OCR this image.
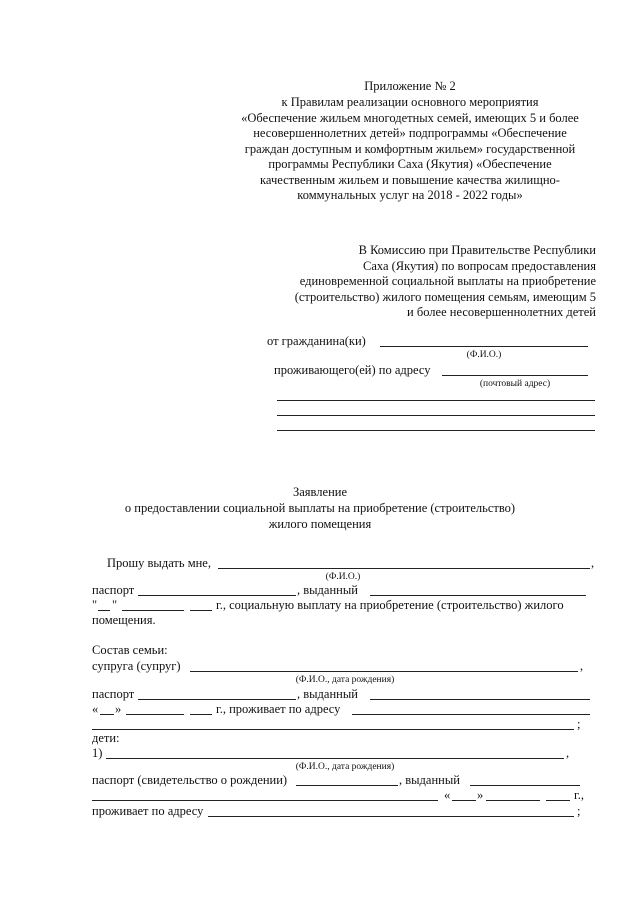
Приложение № 2
к Правилам реализации основного мероприятия
«Обеспечение жильем многодетных семей, имеющих 5 и более
несовершеннолетних детей» подпрограммы «Обеспечение
граждан доступным и комфортным жильем» государственной
программы Республики Саха (Якутия) «Обеспечение
качественным жильем и повышение качества жилищно-
коммунальных услуг на 2018 - 2022 годы»
В Комиссию при Правительстве Республики
Саха (Якутия) по вопросам предоставления
единовременной социальной выплаты на приобретение
(строительство) жилого помещения семьям, имеющим 5
и более несовершеннолетних детей
от гражданина(ки)
(Ф.И.О.)
проживающего(ей) по адресу
(почтовый адрес)
Заявление
о предоставлении социальной выплаты на приобретение (строительство)
жилого помещения
Прошу выдать мне,	,
(Ф.И.О.)
паспорт	, выданный
" "	г., социальную выплату на приобретение (строительство) жилого
помещения.
Состав семьи:
супруга (супруг)	,
(Ф.И.О., дата рождения)
паспорт	, выданный
« »	г., проживает по адресу
;
дети:
1)	,
(Ф.И.О., дата рождения)
паспорт (свидетельство о рождении)	, выданный
« »	г.,
проживает по адресу	;
